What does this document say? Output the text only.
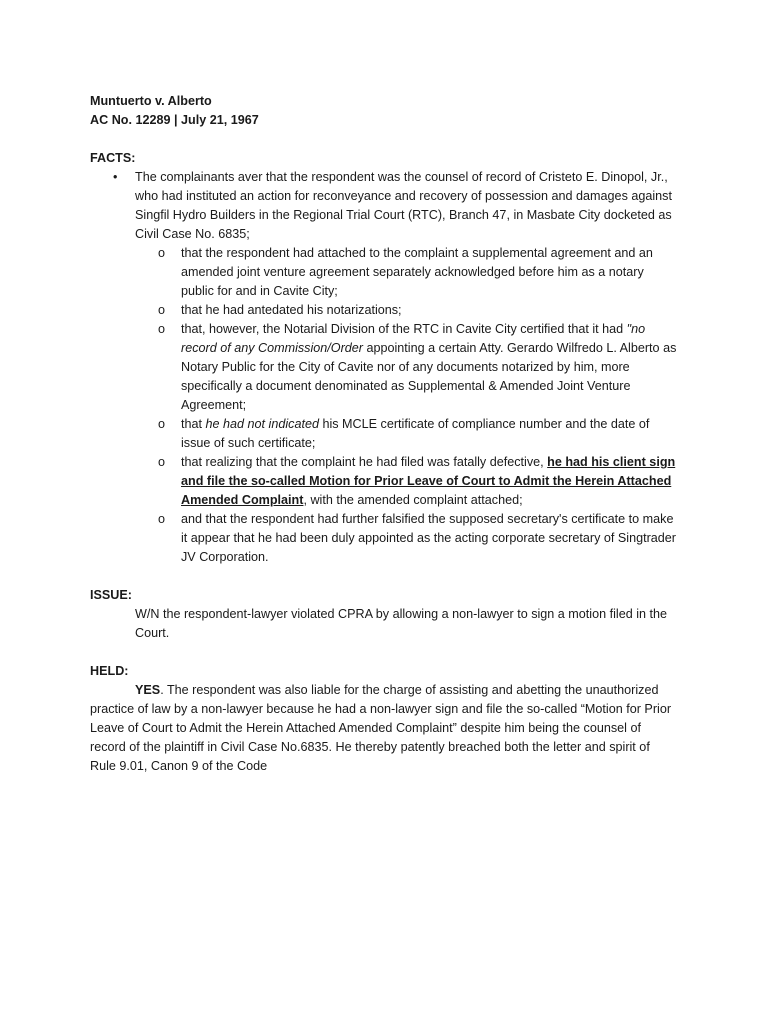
Muntuerto v. Alberto
AC No. 12289 | July 21, 1967
FACTS:
• The complainants aver that the respondent was the counsel of record of Cristeto E. Dinopol, Jr., who had instituted an action for reconveyance and recovery of possession and damages against Singfil Hydro Builders in the Regional Trial Court (RTC), Branch 47, in Masbate City docketed as Civil Case No. 6835;

o that the respondent had attached to the complaint a supplemental agreement and an amended joint venture agreement separately acknowledged before him as a notary public for and in Cavite City;

o that he had antedated his notarizations;

o that, however, the Notarial Division of the RTC in Cavite City certified that it had "no record of any Commission/Order appointing a certain Atty. Gerardo Wilfredo L. Alberto as Notary Public for the City of Cavite nor of any documents notarized by him, more specifically a document denominated as Supplemental & Amended Joint Venture Agreement;

o that he had not indicated his MCLE certificate of compliance number and the date of issue of such certificate;

o that realizing that the complaint he had filed was fatally defective, he had his client sign and file the so-called Motion for Prior Leave of Court to Admit the Herein Attached Amended Complaint, with the amended complaint attached;

o and that the respondent had further falsified the supposed secretary's certificate to make it appear that he had been duly appointed as the acting corporate secretary of Singtrader JV Corporation.

ISSUE:

W/N the respondent-lawyer violated CPRA by allowing a non-lawyer to sign a motion filed in the Court.

HELD:

YES. The respondent was also liable for the charge of assisting and abetting the unauthorized practice of law by a non-lawyer because he had a non-lawyer sign and file the so-called “Motion for Prior Leave of Court to Admit the Herein Attached Amended Complaint” despite him being the counsel of record of the plaintiff in Civil Case No.6835. He thereby patently breached both the letter and spirit of Rule 9.01, Canon 9 of the Code
